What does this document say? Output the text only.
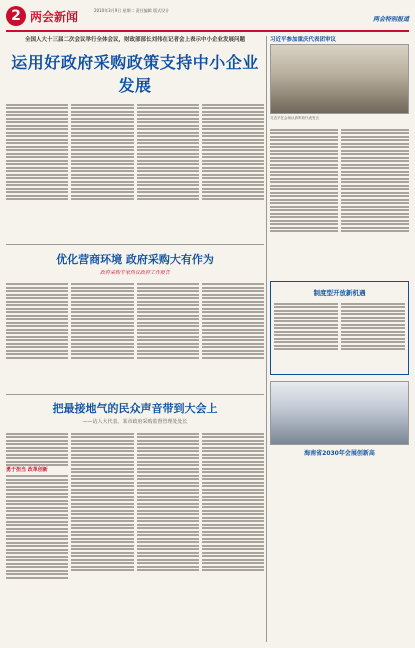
2 两会新闻	2010年3月9日 星期二 责任编辑 版式设计
两会特别报道
全国人大十三届二次会议举行全体会议，财政部部长刘伟在记者会上表示中小企业发展问题
运用好政府采购政策支持中小企业发展
优化营商环境 政府采购大有作为
政府采购专家热议政府工作报告
把最接地气的民众声音带到大会上
——访人大代表、某市政府采购监督管理处处长
勇于担当 改革创新
习近平参加重庆代表团审议
习近平在会场认真听取代表发言
制度型开放新机遇
海南省2030年会展创新高
